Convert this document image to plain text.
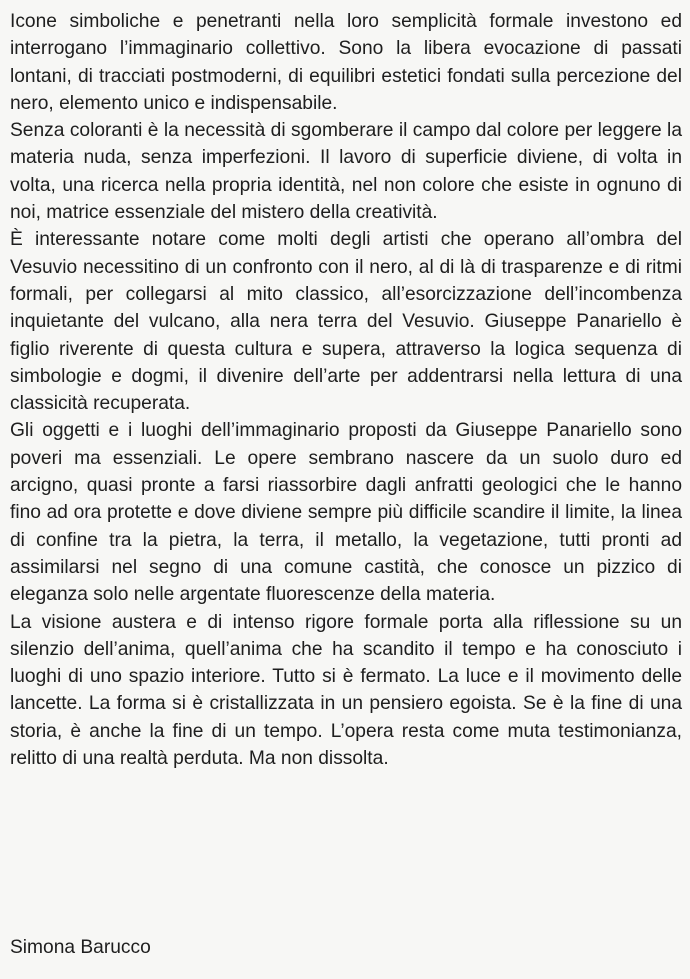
Icone simboliche e penetranti nella loro semplicità formale investono ed interrogano l’immaginario collettivo. Sono la libera evocazione di passati lontani, di tracciati postmoderni, di equilibri estetici fondati sulla percezione del nero, elemento unico e indispensabile.

Senza coloranti è la necessità di sgomberare il campo dal colore per leggere la materia nuda, senza imperfezioni. Il lavoro di superficie diviene, di volta in volta, una ricerca nella propria identità, nel non colore che esiste in ognuno di noi, matrice essenziale del mistero della creatività.

È interessante notare come molti degli artisti che operano all’ombra del Vesuvio necessitino di un confronto con il nero, al di là di trasparenze e di ritmi formali, per collegarsi al mito classico, all’esorcizzazione dell’incombenza inquietante del vulcano, alla nera terra del Vesuvio. Giuseppe Panariello è figlio riverente di questa cultura e supera, attraverso la logica sequenza di simbologie e dogmi, il divenire dell’arte per addentrarsi nella lettura di una classicità recuperata.

Gli oggetti e i luoghi dell’immaginario proposti da Giuseppe Panariello sono poveri ma essenziali. Le opere sembrano nascere da un suolo duro ed arcigno, quasi pronte a farsi riassorbire dagli anfratti geologici che le hanno fino ad ora protette e dove diviene sempre più difficile scandire il limite, la linea di confine tra la pietra, la terra, il metallo, la vegetazione, tutti pronti ad assimilarsi nel segno di una comune castità, che conosce un pizzico di eleganza solo nelle argentate fluorescenze della materia.

La visione austera e di intenso rigore formale porta alla riflessione su un silenzio dell’anima, quell’anima che ha scandito il tempo e ha conosciuto i luoghi di uno spazio interiore. Tutto si è fermato. La luce e il movimento delle lancette. La forma si è cristallizzata in un pensiero egoista. Se è la fine di una storia, è anche la fine di un tempo. L’opera resta come muta testimonianza, relitto di una realtà perduta. Ma non dissolta.

Simona Barucco
